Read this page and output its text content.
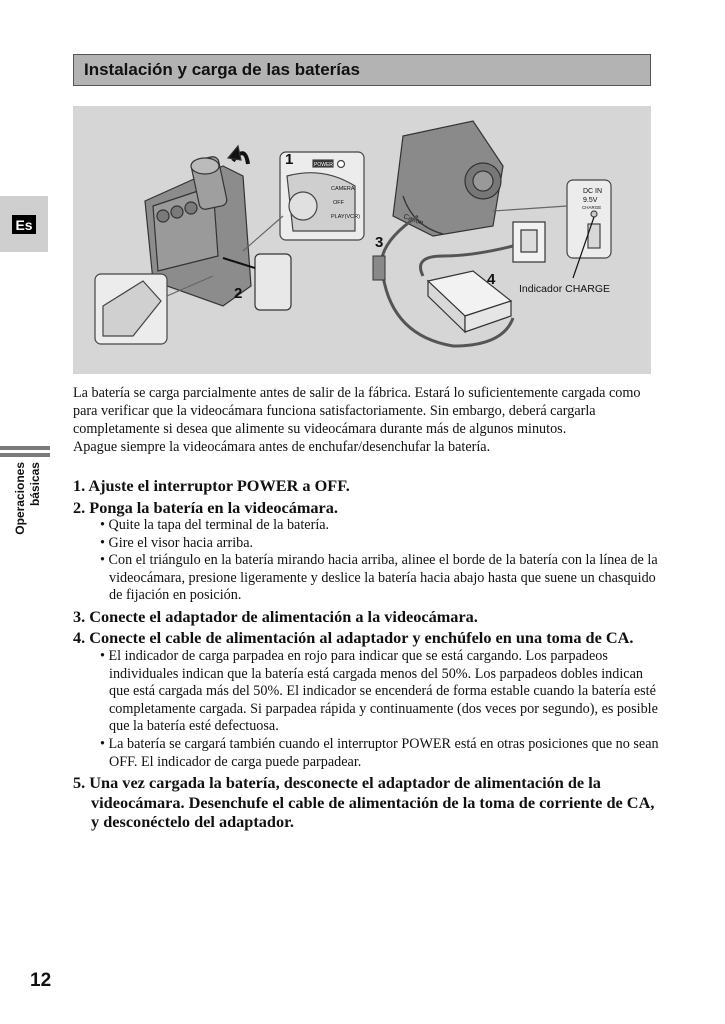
Instalación y carga de las baterías
Es
Operaciones básicas
1	POWER
CAMERA
OFF
PLAY(VCR)
2
Canon
3
4
DC IN
9.5V
CHARGE
Indicador CHARGE

La batería se carga parcialmente antes de salir de la fábrica. Estará lo suficientemente cargada como para verificar que la videocámara funciona satisfactoriamente. Sin embargo, deberá cargarla completamente si desea que alimente su videocámara durante más de algunos minutos.

Apague siempre la videocámara antes de enchufar/desenchufar la batería.

1. Ajuste el interruptor POWER a OFF.

2. Ponga la batería en la videocámara.

• Quite la tapa del terminal de la batería.
• Gire el visor hacia arriba.
• Con el triángulo en la batería mirando hacia arriba, alinee el borde de la batería con la línea de la videocámara, presione ligeramente y deslice la batería hacia abajo hasta que suene un chasquido de fijación en posición.

3. Conecte el adaptador de alimentación a la videocámara.

4. Conecte el cable de alimentación al adaptador y enchúfelo en una toma de CA.

• El indicador de carga parpadea en rojo para indicar que se está cargando. Los parpadeos individuales indican que la batería está cargada menos del 50%. Los parpadeos dobles indican que está cargada más del 50%. El indicador se encenderá de forma estable cuando la batería esté completamente cargada. Si parpadea rápida y continuamente (dos veces por segundo), es posible que la batería esté defectuosa.
• La batería se cargará también cuando el interruptor POWER está en otras posiciones que no sean OFF. El indicador de carga puede parpadear.

5. Una vez cargada la batería, desconecte el adaptador de alimentación de la videocámara. Desenchufe el cable de alimentación de la toma de corriente de CA, y desconéctelo del adaptador.

12
